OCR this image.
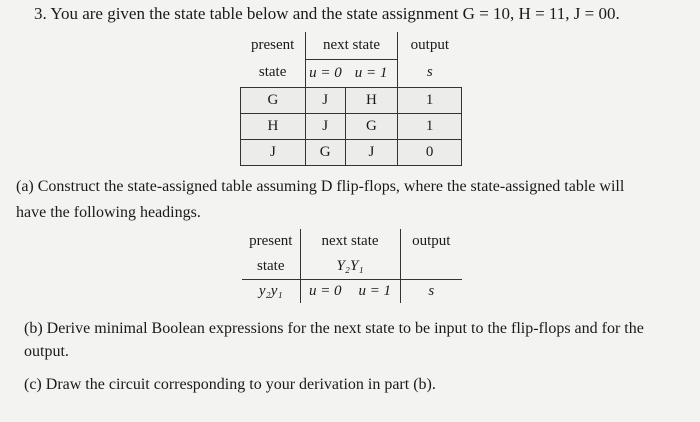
3. You are given the state table below and the state assignment G = 10, H = 11, J = 00.
present	next state		output
state	u = 0	u = 1	s
G	J	H	1
H	J	G	1
J	G	J	0
(a) Construct the state-assigned table assuming D flip-flops, where the state-assigned table will
have the following headings.
present	next state		output
state	Y₂Y₁		
y₂y₁	u = 0	u = 1	s
(b) Derive minimal Boolean expressions for the next state to be input to the flip-flops and for the
output.
(c) Draw the circuit corresponding to your derivation in part (b).
